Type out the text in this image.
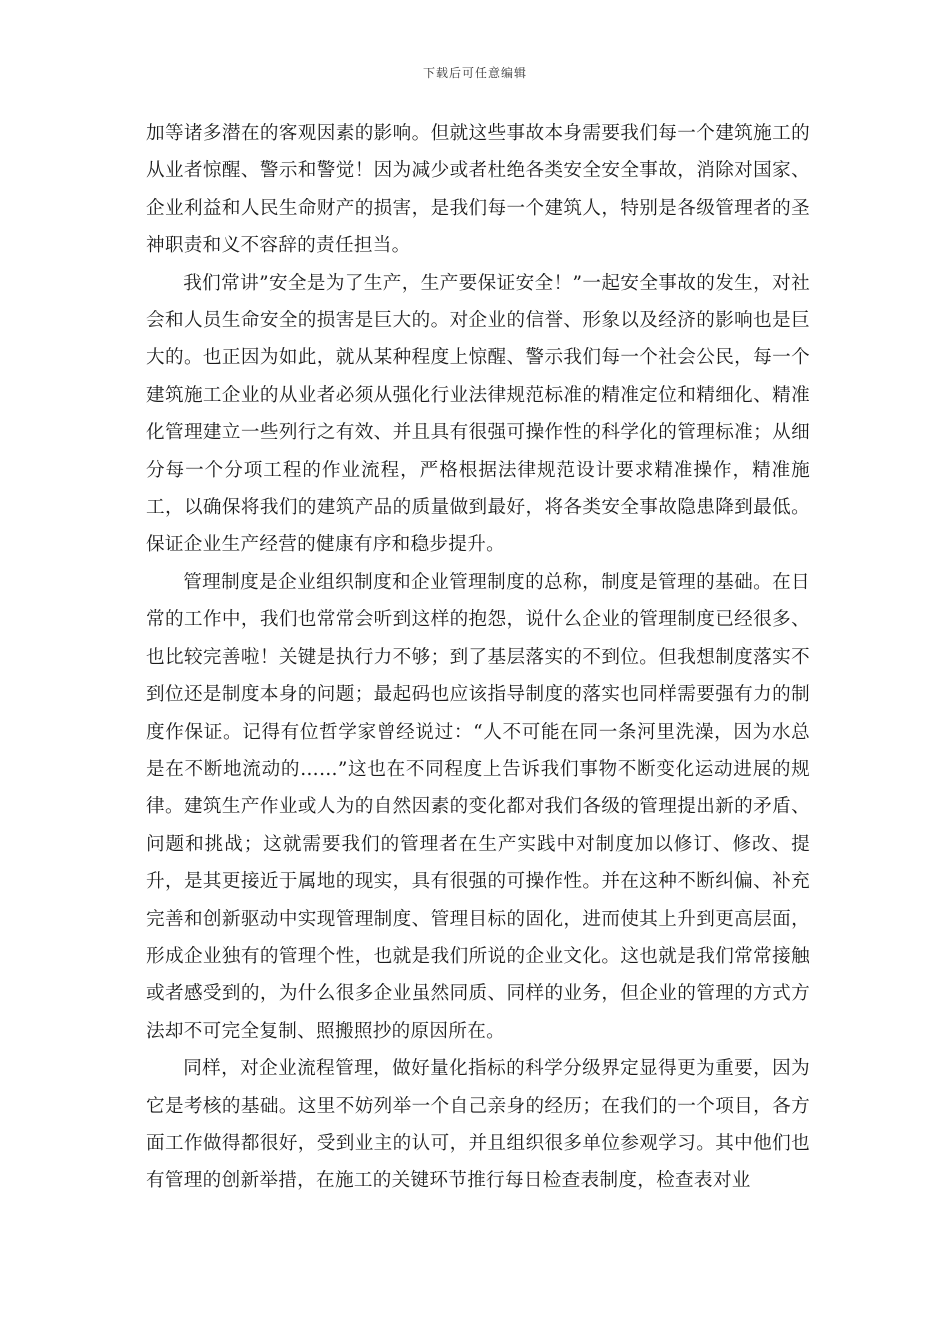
下载后可任意编辑

加等诸多潜在的客观因素的影响。但就这些事故本身需要我们每一个建筑施工的从业者惊醒、警示和警觉！因为减少或者杜绝各类安全安全事故，消除对国家、企业利益和人民生命财产的损害，是我们每一个建筑人，特别是各级管理者的圣神职责和义不容辞的责任担当。

我们常讲”安全是为了生产，生产要保证安全！”一起安全事故的发生，对社会和人员生命安全的损害是巨大的。对企业的信誉、形象以及经济的影响也是巨大的。也正因为如此，就从某种程度上惊醒、警示我们每一个社会公民，每一个建筑施工企业的从业者必须从强化行业法律规范标准的精准定位和精细化、精准化管理建立一些列行之有效、并且具有很强可操作性的科学化的管理标准；从细分每一个分项工程的作业流程，严格根据法律规范设计要求精准操作，精准施工，以确保将我们的建筑产品的质量做到最好，将各类安全事故隐患降到最低。保证企业生产经营的健康有序和稳步提升。

管理制度是企业组织制度和企业管理制度的总称，制度是管理的基础。在日常的工作中，我们也常常会听到这样的抱怨，说什么企业的管理制度已经很多、也比较完善啦！关键是执行力不够；到了基层落实的不到位。但我想制度落实不到位还是制度本身的问题；最起码也应该指导制度的落实也同样需要强有力的制度作保证。记得有位哲学家曾经说过：“人不可能在同一条河里洗澡，因为水总是在不断地流动的……”这也在不同程度上告诉我们事物不断变化运动进展的规律。建筑生产作业或人为的自然因素的变化都对我们各级的管理提出新的矛盾、问题和挑战；这就需要我们的管理者在生产实践中对制度加以修订、修改、提升，是其更接近于属地的现实，具有很强的可操作性。并在这种不断纠偏、补充完善和创新驱动中实现管理制度、管理目标的固化，进而使其上升到更高层面，形成企业独有的管理个性，也就是我们所说的企业文化。这也就是我们常常接触或者感受到的，为什么很多企业虽然同质、同样的业务，但企业的管理的方式方法却不可完全复制、照搬照抄的原因所在。

同样，对企业流程管理，做好量化指标的科学分级界定显得更为重要，因为它是考核的基础。这里不妨列举一个自己亲身的经历；在我们的一个项目，各方面工作做得都很好，受到业主的认可，并且组织很多单位参观学习。其中他们也有管理的创新举措，在施工的关键环节推行每日检查表制度，检查表对业
